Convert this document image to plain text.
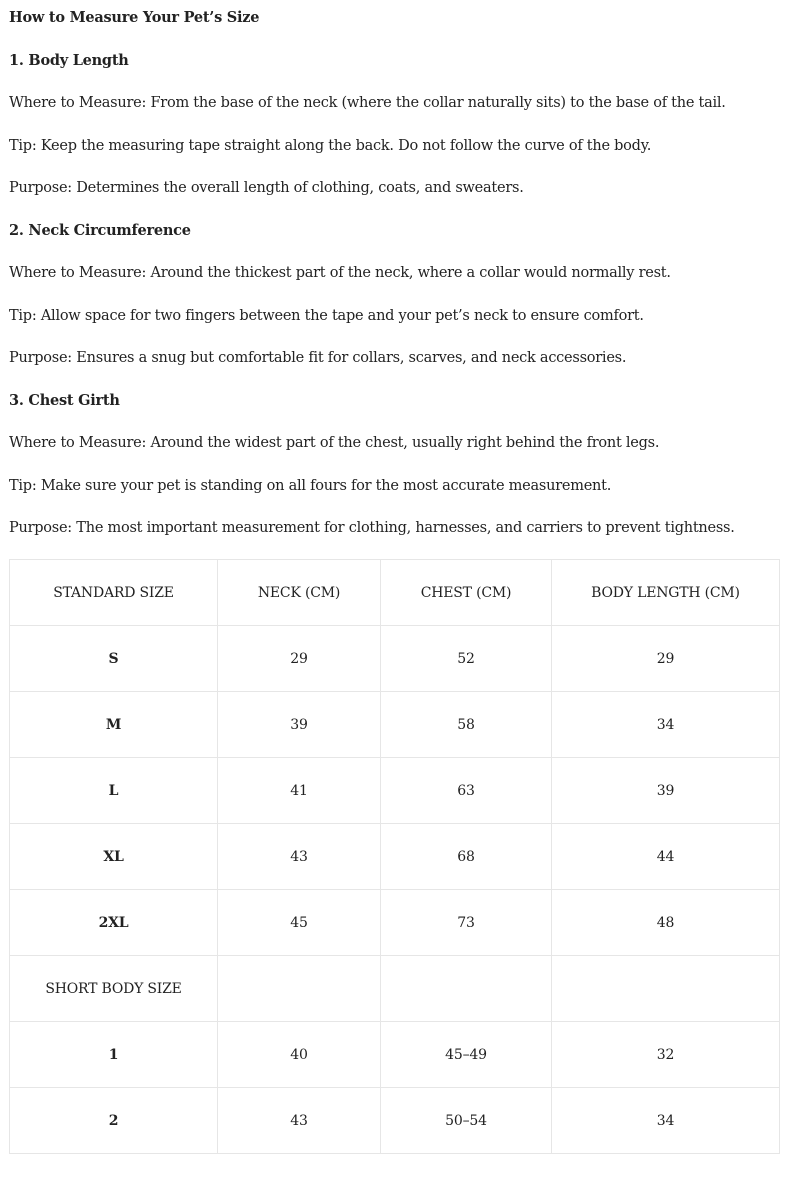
How to Measure Your Pet’s Size
1. Body Length
Where to Measure: From the base of the neck (where the collar naturally sits) to the base of the tail.
Tip: Keep the measuring tape straight along the back. Do not follow the curve of the body.
Purpose: Determines the overall length of clothing, coats, and sweaters.
2. Neck Circumference
Where to Measure: Around the thickest part of the neck, where a collar would normally rest.
Tip: Allow space for two fingers between the tape and your pet’s neck to ensure comfort.
Purpose: Ensures a snug but comfortable fit for collars, scarves, and neck accessories.
3. Chest Girth
Where to Measure: Around the widest part of the chest, usually right behind the front legs.
Tip: Make sure your pet is standing on all fours for the most accurate measurement.
Purpose: The most important measurement for clothing, harnesses, and carriers to prevent tightness.
STANDARD SIZE	NECK (CM)	CHEST (CM)	BODY LENGTH (CM)
S	29	52	29
M	39	58	34
L	41	63	39
XL	43	68	44
2XL	45	73	48
SHORT BODY SIZE			
1	40	45–49	32
2	43	50–54	34
